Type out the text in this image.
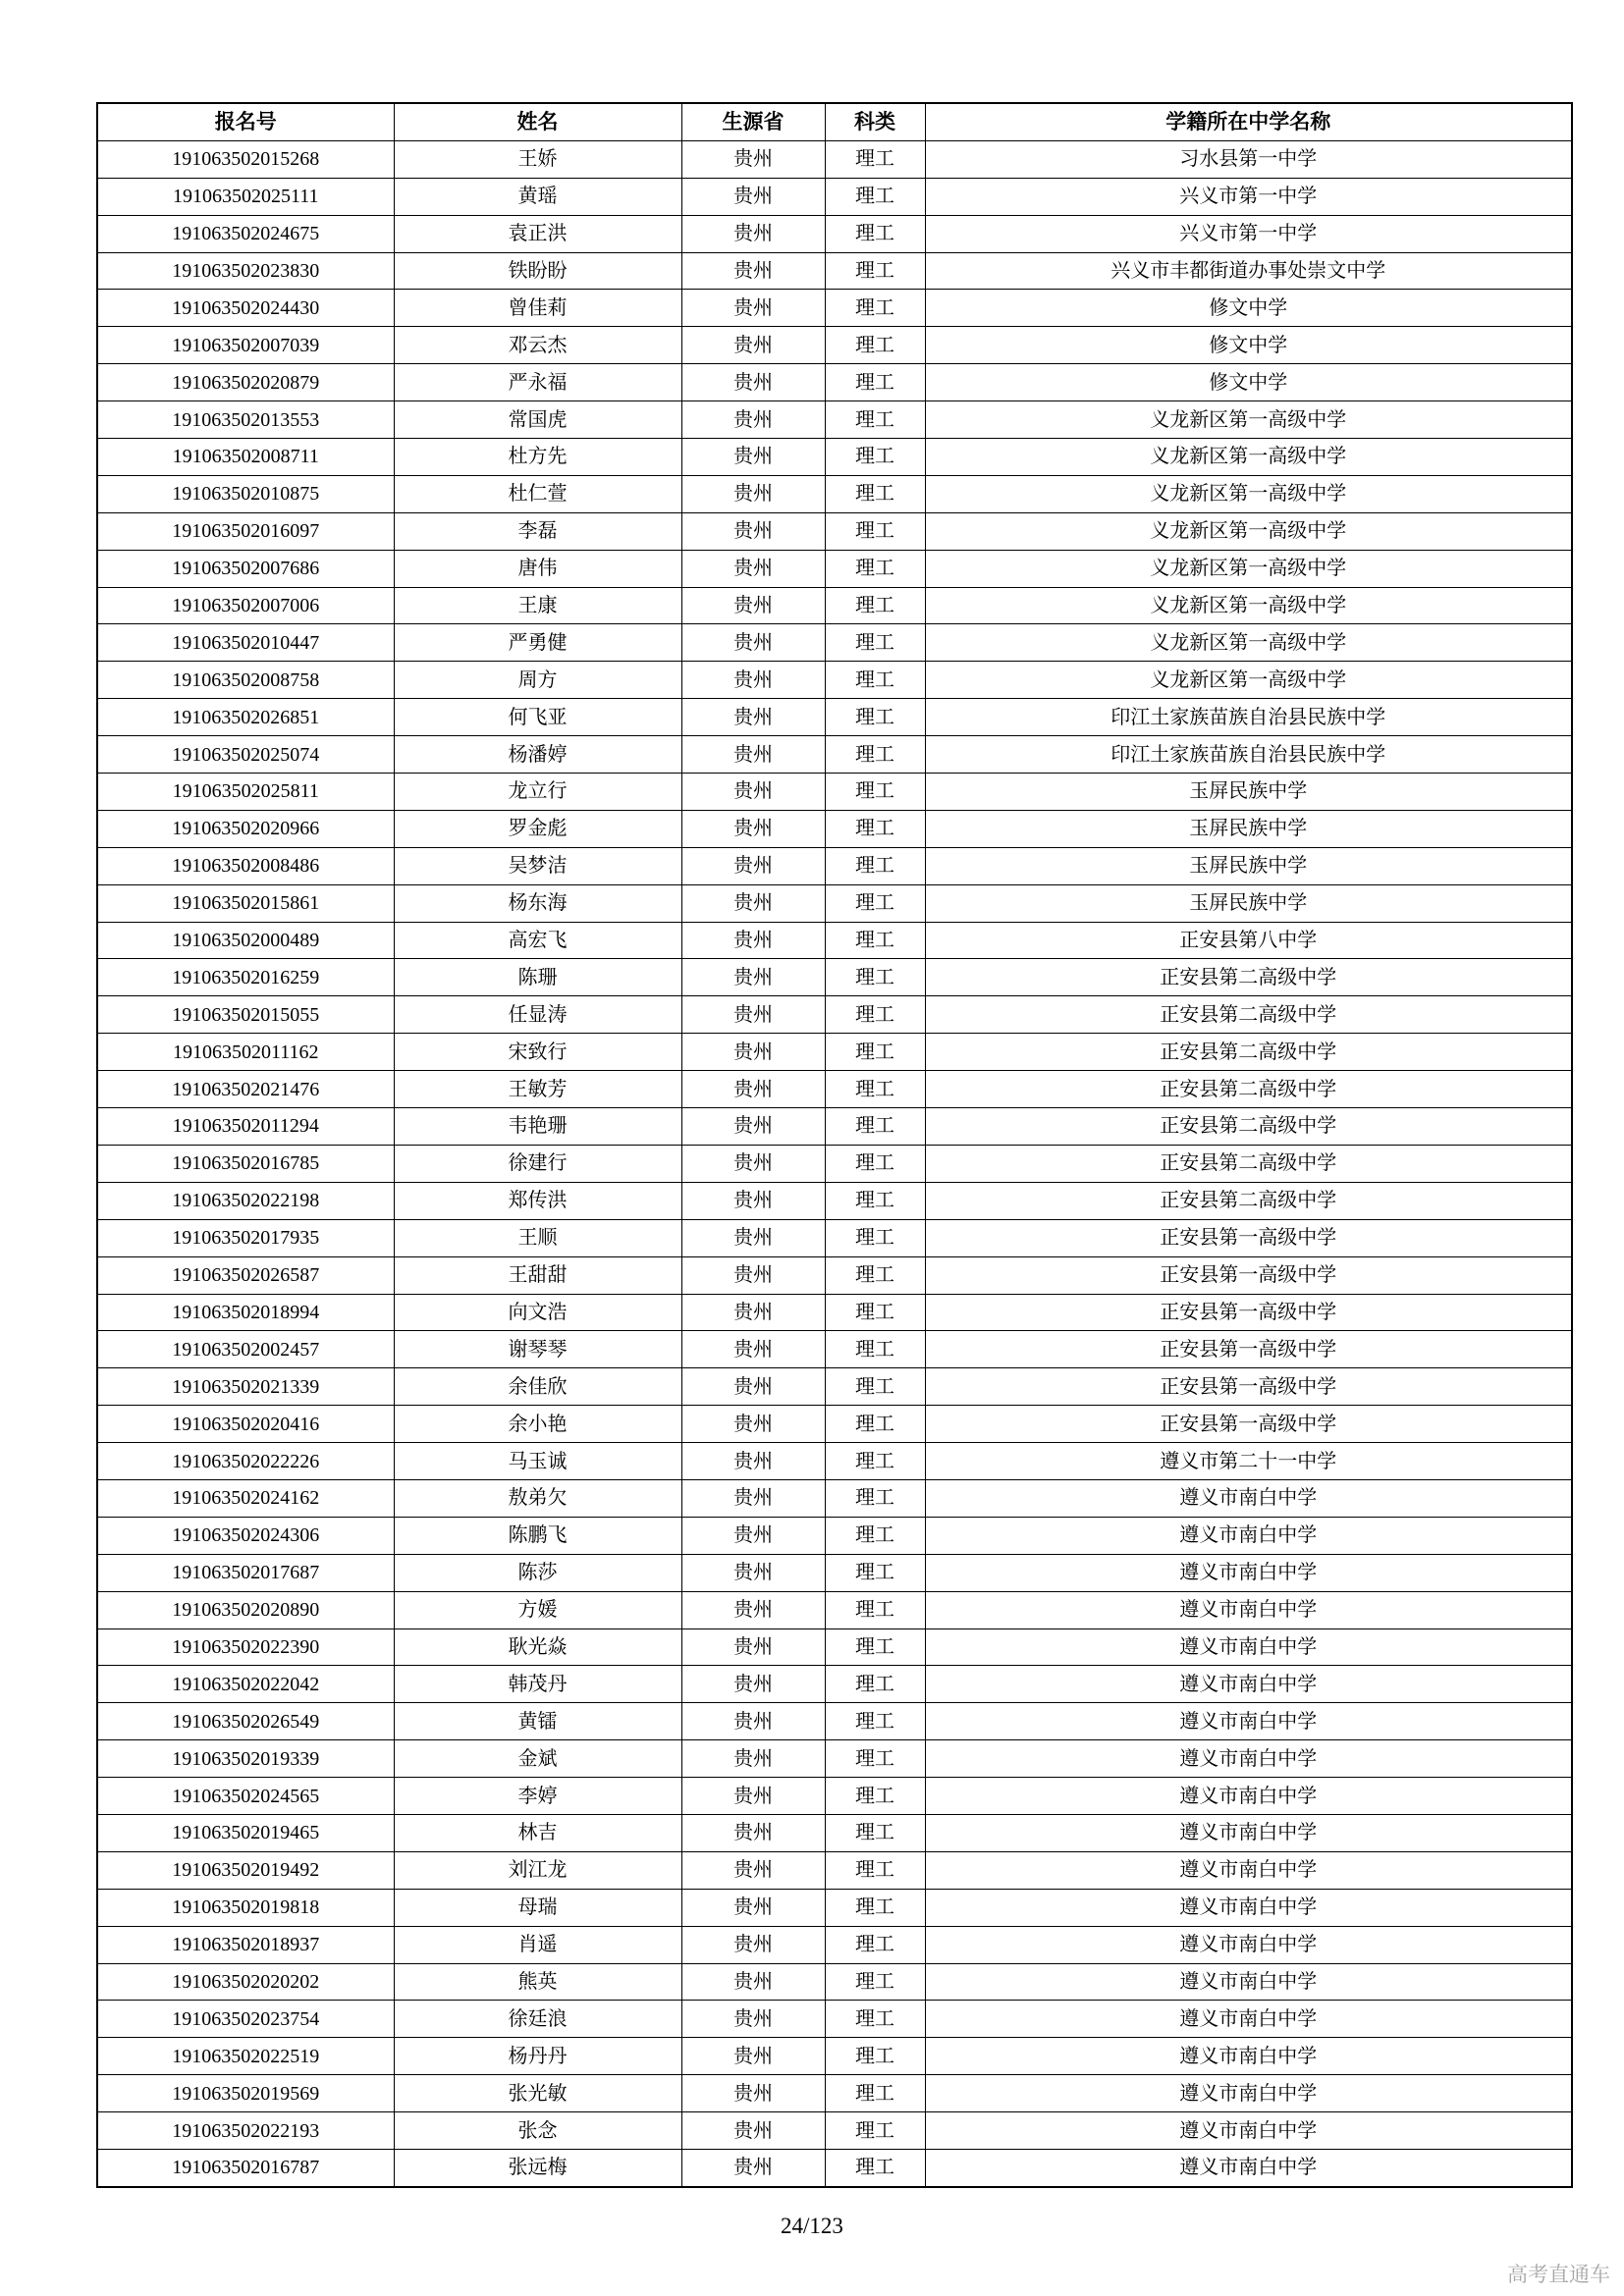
报名号	姓名	生源省	科类	学籍所在中学名称
191063502015268	王娇	贵州	理工	习水县第一中学
191063502025111	黄瑶	贵州	理工	兴义市第一中学
191063502024675	袁正洪	贵州	理工	兴义市第一中学
191063502023830	铁盼盼	贵州	理工	兴义市丰都街道办事处崇文中学
191063502024430	曾佳莉	贵州	理工	修文中学
191063502007039	邓云杰	贵州	理工	修文中学
191063502020879	严永福	贵州	理工	修文中学
191063502013553	常国虎	贵州	理工	义龙新区第一高级中学
191063502008711	杜方先	贵州	理工	义龙新区第一高级中学
191063502010875	杜仁萱	贵州	理工	义龙新区第一高级中学
191063502016097	李磊	贵州	理工	义龙新区第一高级中学
191063502007686	唐伟	贵州	理工	义龙新区第一高级中学
191063502007006	王康	贵州	理工	义龙新区第一高级中学
191063502010447	严勇健	贵州	理工	义龙新区第一高级中学
191063502008758	周方	贵州	理工	义龙新区第一高级中学
191063502026851	何飞亚	贵州	理工	印江土家族苗族自治县民族中学
191063502025074	杨潘婷	贵州	理工	印江土家族苗族自治县民族中学
191063502025811	龙立行	贵州	理工	玉屏民族中学
191063502020966	罗金彪	贵州	理工	玉屏民族中学
191063502008486	吴梦洁	贵州	理工	玉屏民族中学
191063502015861	杨东海	贵州	理工	玉屏民族中学
191063502000489	高宏飞	贵州	理工	正安县第八中学
191063502016259	陈珊	贵州	理工	正安县第二高级中学
191063502015055	任显涛	贵州	理工	正安县第二高级中学
191063502011162	宋致行	贵州	理工	正安县第二高级中学
191063502021476	王敏芳	贵州	理工	正安县第二高级中学
191063502011294	韦艳珊	贵州	理工	正安县第二高级中学
191063502016785	徐建行	贵州	理工	正安县第二高级中学
191063502022198	郑传洪	贵州	理工	正安县第二高级中学
191063502017935	王顺	贵州	理工	正安县第一高级中学
191063502026587	王甜甜	贵州	理工	正安县第一高级中学
191063502018994	向文浩	贵州	理工	正安县第一高级中学
191063502002457	谢琴琴	贵州	理工	正安县第一高级中学
191063502021339	余佳欣	贵州	理工	正安县第一高级中学
191063502020416	余小艳	贵州	理工	正安县第一高级中学
191063502022226	马玉诚	贵州	理工	遵义市第二十一中学
191063502024162	敖弟欠	贵州	理工	遵义市南白中学
191063502024306	陈鹏飞	贵州	理工	遵义市南白中学
191063502017687	陈莎	贵州	理工	遵义市南白中学
191063502020890	方媛	贵州	理工	遵义市南白中学
191063502022390	耿光焱	贵州	理工	遵义市南白中学
191063502022042	韩茂丹	贵州	理工	遵义市南白中学
191063502026549	黄镭	贵州	理工	遵义市南白中学
191063502019339	金斌	贵州	理工	遵义市南白中学
191063502024565	李婷	贵州	理工	遵义市南白中学
191063502019465	林吉	贵州	理工	遵义市南白中学
191063502019492	刘江龙	贵州	理工	遵义市南白中学
191063502019818	母瑞	贵州	理工	遵义市南白中学
191063502018937	肖遥	贵州	理工	遵义市南白中学
191063502020202	熊英	贵州	理工	遵义市南白中学
191063502023754	徐廷浪	贵州	理工	遵义市南白中学
191063502022519	杨丹丹	贵州	理工	遵义市南白中学
191063502019569	张光敏	贵州	理工	遵义市南白中学
191063502022193	张念	贵州	理工	遵义市南白中学
191063502016787	张远梅	贵州	理工	遵义市南白中学
24/123
高考直通车
